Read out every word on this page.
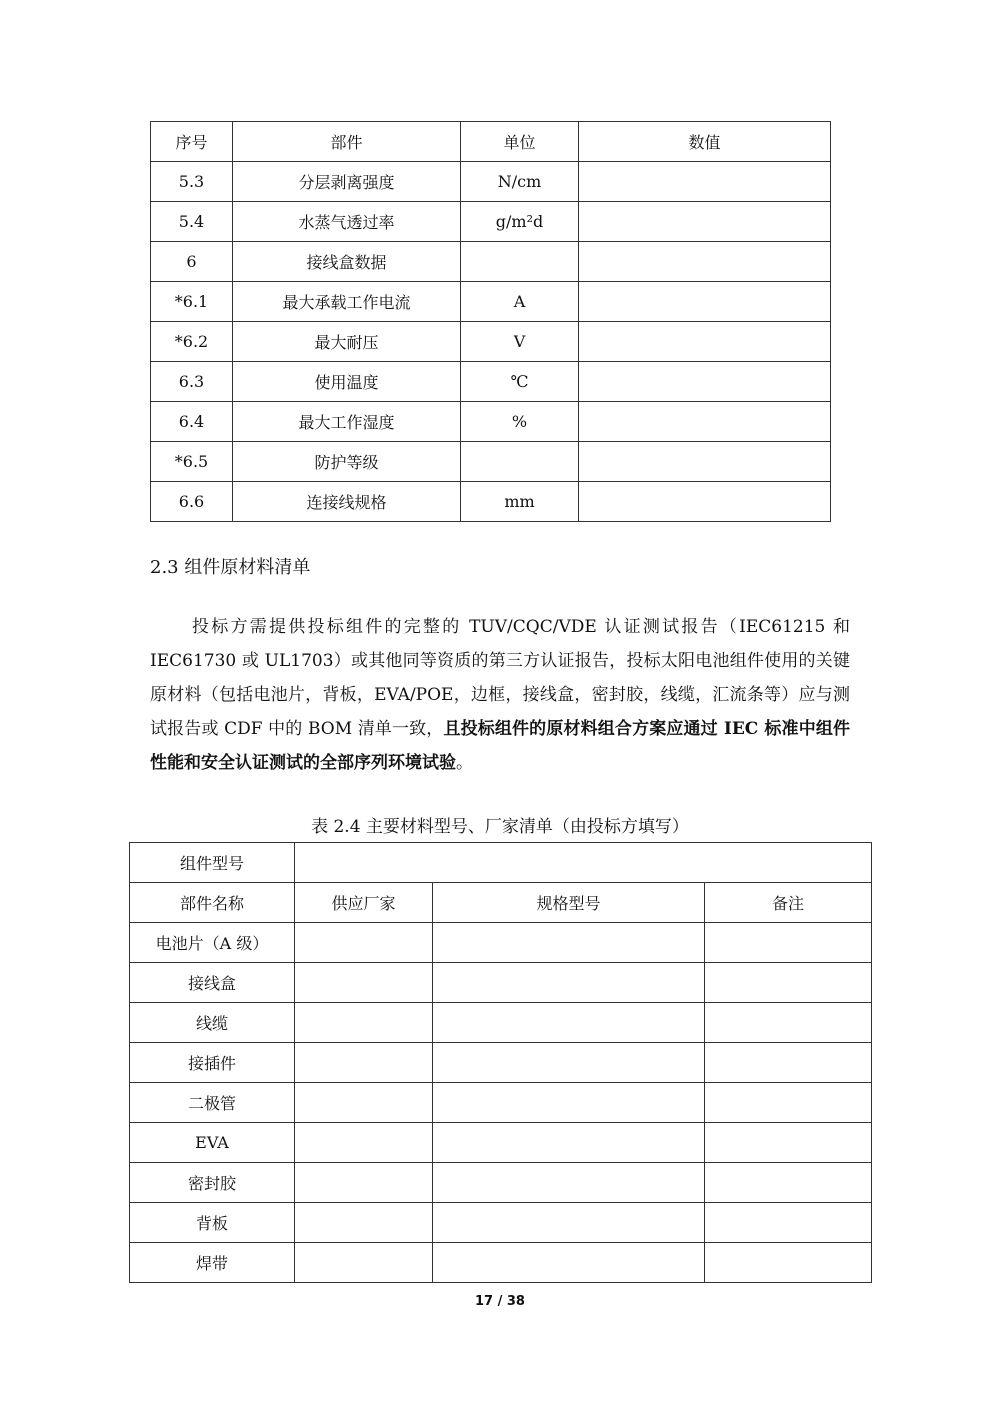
序号	部件	单位	数值
5.3	分层剥离强度	N/cm	
5.4	水蒸气透过率	g/m²d	
6	接线盒数据		
*6.1	最大承载工作电流	A	
*6.2	最大耐压	V	
6.3	使用温度	℃	
6.4	最大工作湿度	%	
*6.5	防护等级		
6.6	连接线规格	mm	
2.3 组件原材料清单

投标方需提供投标组件的完整的 TUV/CQC/VDE 认证测试报告（IEC61215 和 IEC61730 或 UL1703）或其他同等资质的第三方认证报告，投标太阳电池组件使用的关键原材料（包括电池片，背板，EVA/POE，边框，接线盒，密封胶，线缆，汇流条等）应与测试报告或 CDF 中的 BOM 清单一致，且投标组件的原材料组合方案应通过 IEC 标准中组件性能和安全认证测试的全部序列环境试验。

表 2.4 主要材料型号、厂家清单（由投标方填写）

组件型号			
部件名称	供应厂家	规格型号	备注
电池片（A 级）			
接线盒			
线缆			
接插件			
二极管			
EVA			
密封胶			
背板			
焊带			
17 / 38
